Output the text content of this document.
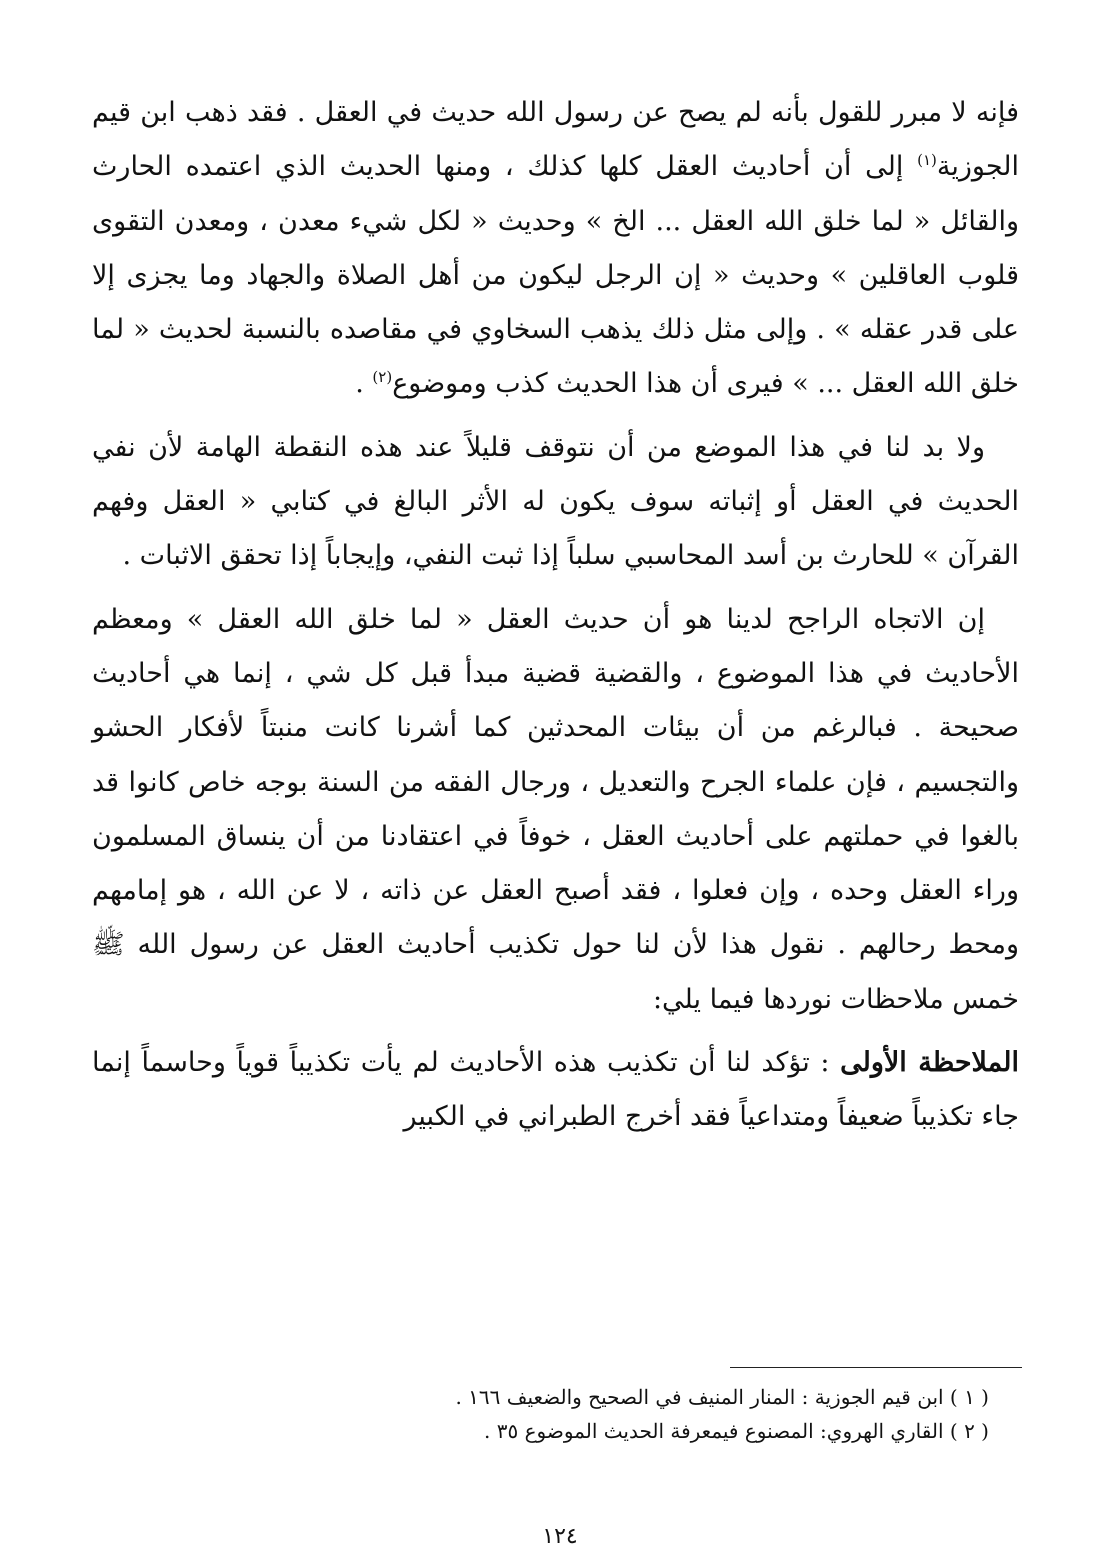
فإنه لا مبرر للقول بأنه لم يصح عن رسول الله حديث في العقل . فقد ذهب ابن قيم الجوزية$^{(١)}$ إلى أن أحاديث العقل كلها كذلك ، ومنها الحديث الذي اعتمده الحارث والقائل « لما خلق الله العقل ... الخ » وحديث « لكل شيء معدن ، ومعدن التقوى قلوب العاقلين » وحديث « إن الرجل ليكون من أهل الصلاة والجهاد وما يجزى إلا على قدر عقله » . وإلى مثل ذلك يذهب السخاوي في مقاصده بالنسبة لحديث « لما خلق الله العقل ... » فيرى أن هذا الحديث كذب وموضوع$^{(٢)}$ .

ولا بد لنا في هذا الموضع من أن نتوقف قليلاً عند هذه النقطة الهامة لأن نفي الحديث في العقل أو إثباته سوف يكون له الأثر البالغ في كتابي « العقل وفهم القرآن » للحارث بن أسد المحاسبي سلباً إذا ثبت النفي، وإيجاباً إذا تحقق الاثبات .

إن الاتجاه الراجح لدينا هو أن حديث العقل « لما خلق الله العقل » ومعظم الأحاديث في هذا الموضوع ، والقضية قضية مبدأ قبل كل شي ، إنما هي أحاديث صحيحة . فبالرغم من أن بيئات المحدثين كما أشرنا كانت منبتاً لأفكار الحشو والتجسيم ، فإن علماء الجرح والتعديل ، ورجال الفقه من السنة بوجه خاص كانوا قد بالغوا في حملتهم على أحاديث العقل ، خوفاً في اعتقادنا من أن ينساق المسلمون وراء العقل وحده ، وإن فعلوا ، فقد أصبح العقل عن ذاته ، لا عن الله ، هو إمامهم ومحط رحالهم . نقول هذا لأن لنا حول تكذيب أحاديث العقل عن رسول الله ﷺ خمس ملاحظات نوردها فيما يلي:

الملاحظة الأولى : تؤكد لنا أن تكذيب هذه الأحاديث لم يأت تكذيباً قوياً وحاسماً إنما جاء تكذيباً ضعيفاً ومتداعياً فقد أخرج الطبراني في الكبير

( ١ ) ابن قيم الجوزية : المنار المنيف في الصحيح والضعيف ١٦٦ .
( ٢ ) القاري الهروي: المصنوع فيمعرفة الحديث الموضوع ٣٥ .
١٢٤
